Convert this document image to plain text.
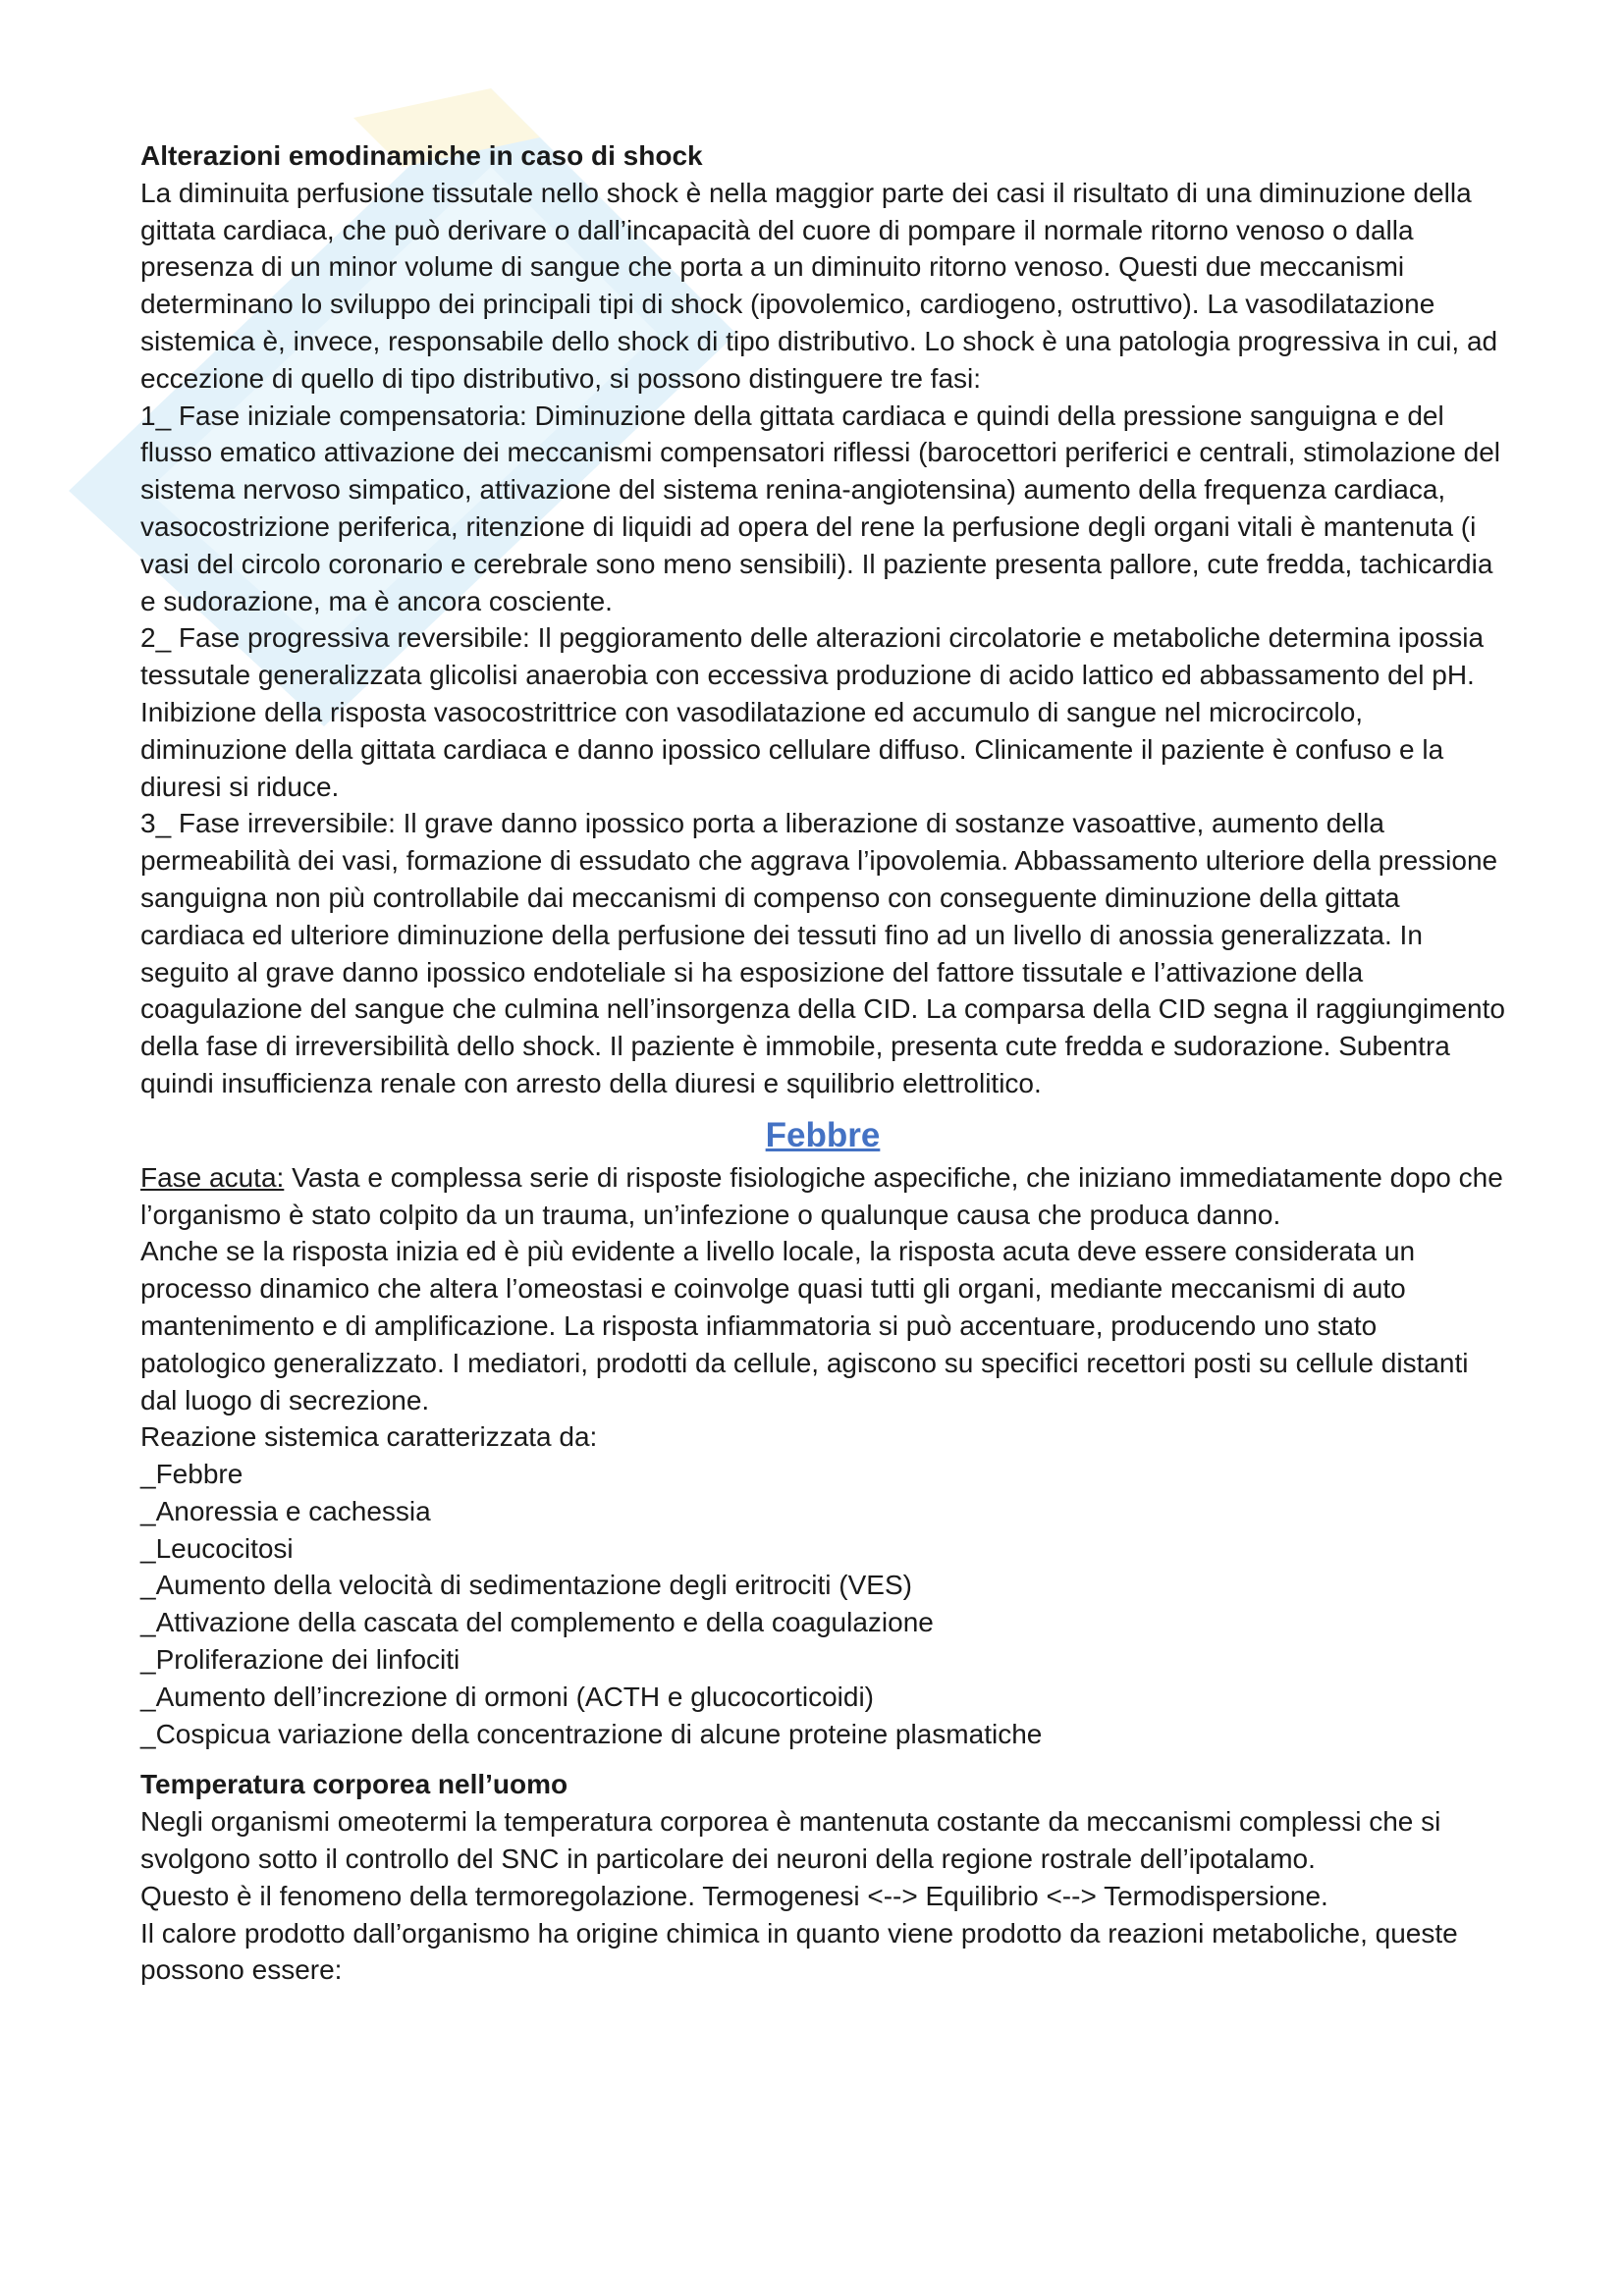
Alterazioni emodinamiche in caso di shock

La diminuita perfusione tissutale nello shock è nella maggior parte dei casi il risultato di una diminuzione della gittata cardiaca, che può derivare o dall’incapacità del cuore di pompare il normale ritorno venoso o dalla presenza di un minor volume di sangue che porta a un diminuito ritorno venoso. Questi due meccanismi determinano lo sviluppo dei principali tipi di shock (ipovolemico, cardiogeno, ostruttivo). La vasodilatazione sistemica è, invece, responsabile dello shock di tipo distributivo. Lo shock è una patologia progressiva in cui, ad eccezione di quello di tipo distributivo, si possono distinguere tre fasi:

1_ Fase iniziale compensatoria: Diminuzione della gittata cardiaca e quindi della pressione sanguigna e del flusso ematico attivazione dei meccanismi compensatori riflessi (barocettori periferici e centrali, stimolazione del sistema nervoso simpatico, attivazione del sistema renina-angiotensina) aumento della frequenza cardiaca, vasocostrizione periferica, ritenzione di liquidi ad opera del rene la perfusione degli organi vitali è mantenuta (i vasi del circolo coronario e cerebrale sono meno sensibili). Il paziente presenta pallore, cute fredda, tachicardia e sudorazione, ma è ancora cosciente.

2_ Fase progressiva reversibile: Il peggioramento delle alterazioni circolatorie e metaboliche determina ipossia tessutale generalizzata glicolisi anaerobia con eccessiva produzione di acido lattico ed abbassamento del pH. Inibizione della risposta vasocostrittrice con vasodilatazione ed accumulo di sangue nel microcircolo, diminuzione della gittata cardiaca e danno ipossico cellulare diffuso. Clinicamente il paziente è confuso e la diuresi si riduce.

3_ Fase irreversibile: Il grave danno ipossico porta a liberazione di sostanze vasoattive, aumento della permeabilità dei vasi, formazione di essudato che aggrava l’ipovolemia. Abbassamento ulteriore della pressione sanguigna non più controllabile dai meccanismi di compenso con conseguente diminuzione della gittata cardiaca ed ulteriore diminuzione della perfusione dei tessuti fino ad un livello di anossia generalizzata. In seguito al grave danno ipossico endoteliale si ha esposizione del fattore tissutale e l’attivazione della coagulazione del sangue che culmina nell’insorgenza della CID. La comparsa della CID segna il raggiungimento della fase di irreversibilità dello shock. Il paziente è immobile, presenta cute fredda e sudorazione. Subentra quindi insufficienza renale con arresto della diuresi e squilibrio elettrolitico.

Febbre

Fase acuta: Vasta e complessa serie di risposte fisiologiche aspecifiche, che iniziano immediatamente dopo che l’organismo è stato colpito da un trauma, un’infezione o qualunque causa che produca danno.

Anche se la risposta inizia ed è più evidente a livello locale, la risposta acuta deve essere considerata un processo dinamico che altera l’omeostasi e coinvolge quasi tutti gli organi, mediante meccanismi di auto mantenimento e di amplificazione. La risposta infiammatoria si può accentuare, producendo uno stato patologico generalizzato. I mediatori, prodotti da cellule, agiscono su specifici recettori posti su cellule distanti dal luogo di secrezione.

Reazione sistemica caratterizzata da:

_Febbre

_Anoressia e cachessia

_Leucocitosi

_Aumento della velocità di sedimentazione degli eritrociti (VES)

_Attivazione della cascata del complemento e della coagulazione

_Proliferazione dei linfociti

_Aumento dell’increzione di ormoni (ACTH e glucocorticoidi)

_Cospicua variazione della concentrazione di alcune proteine plasmatiche

Temperatura corporea nell’uomo

Negli organismi omeotermi la temperatura corporea è mantenuta costante da meccanismi complessi che si svolgono sotto il controllo del SNC in particolare dei neuroni della regione rostrale dell’ipotalamo.

Questo è il fenomeno della termoregolazione. Termogenesi <--> Equilibrio <--> Termodispersione.

Il calore prodotto dall’organismo ha origine chimica in quanto viene prodotto da reazioni metaboliche, queste possono essere:
